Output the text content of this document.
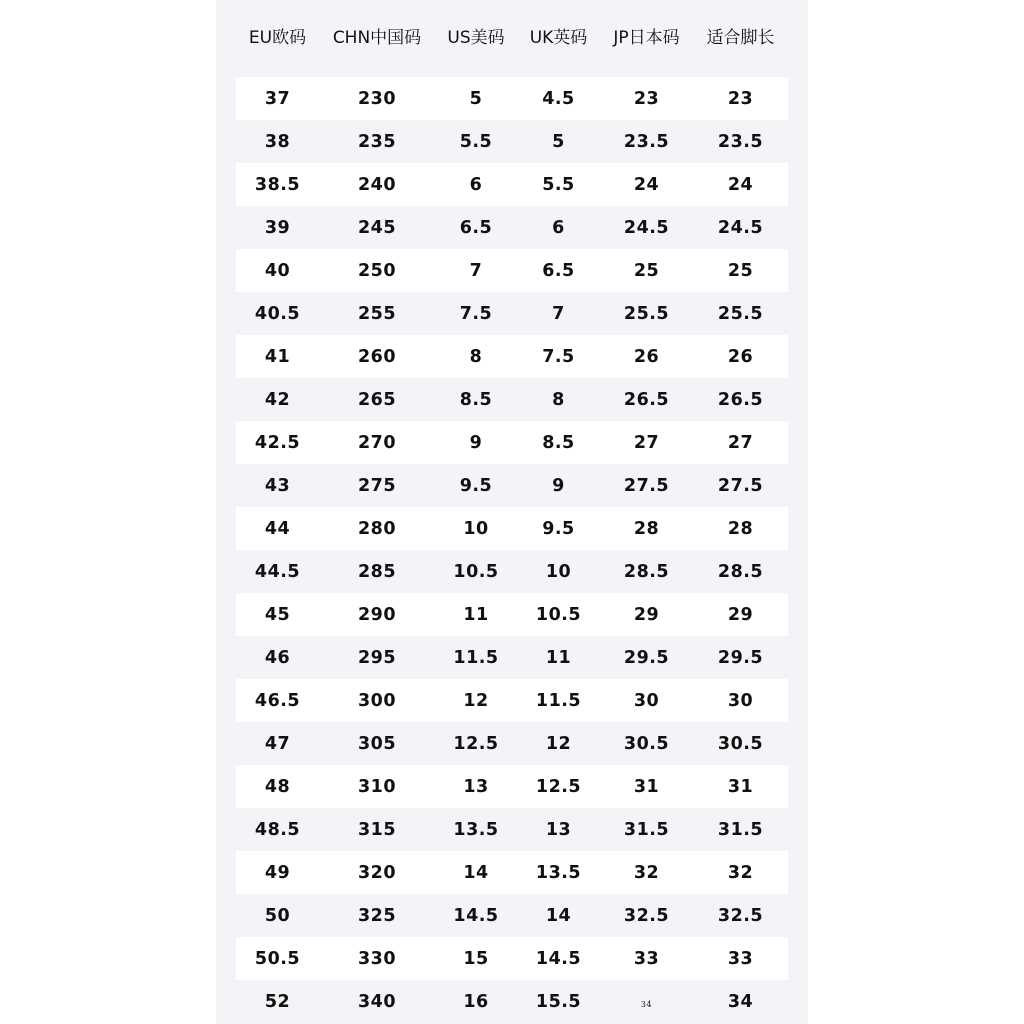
EU欧码	CHN中国码	US美码	UK英码	JP日本码	适合脚长
37	230	5	4.5	23	23
38	235	5.5	5	23.5	23.5
38.5	240	6	5.5	24	24
39	245	6.5	6	24.5	24.5
40	250	7	6.5	25	25
40.5	255	7.5	7	25.5	25.5
41	260	8	7.5	26	26
42	265	8.5	8	26.5	26.5
42.5	270	9	8.5	27	27
43	275	9.5	9	27.5	27.5
44	280	10	9.5	28	28
44.5	285	10.5	10	28.5	28.5
45	290	11	10.5	29	29
46	295	11.5	11	29.5	29.5
46.5	300	12	11.5	30	30
47	305	12.5	12	30.5	30.5
48	310	13	12.5	31	31
48.5	315	13.5	13	31.5	31.5
49	320	14	13.5	32	32
50	325	14.5	14	32.5	32.5
50.5	330	15	14.5	33	33
52	340	16	15.5	34	34
